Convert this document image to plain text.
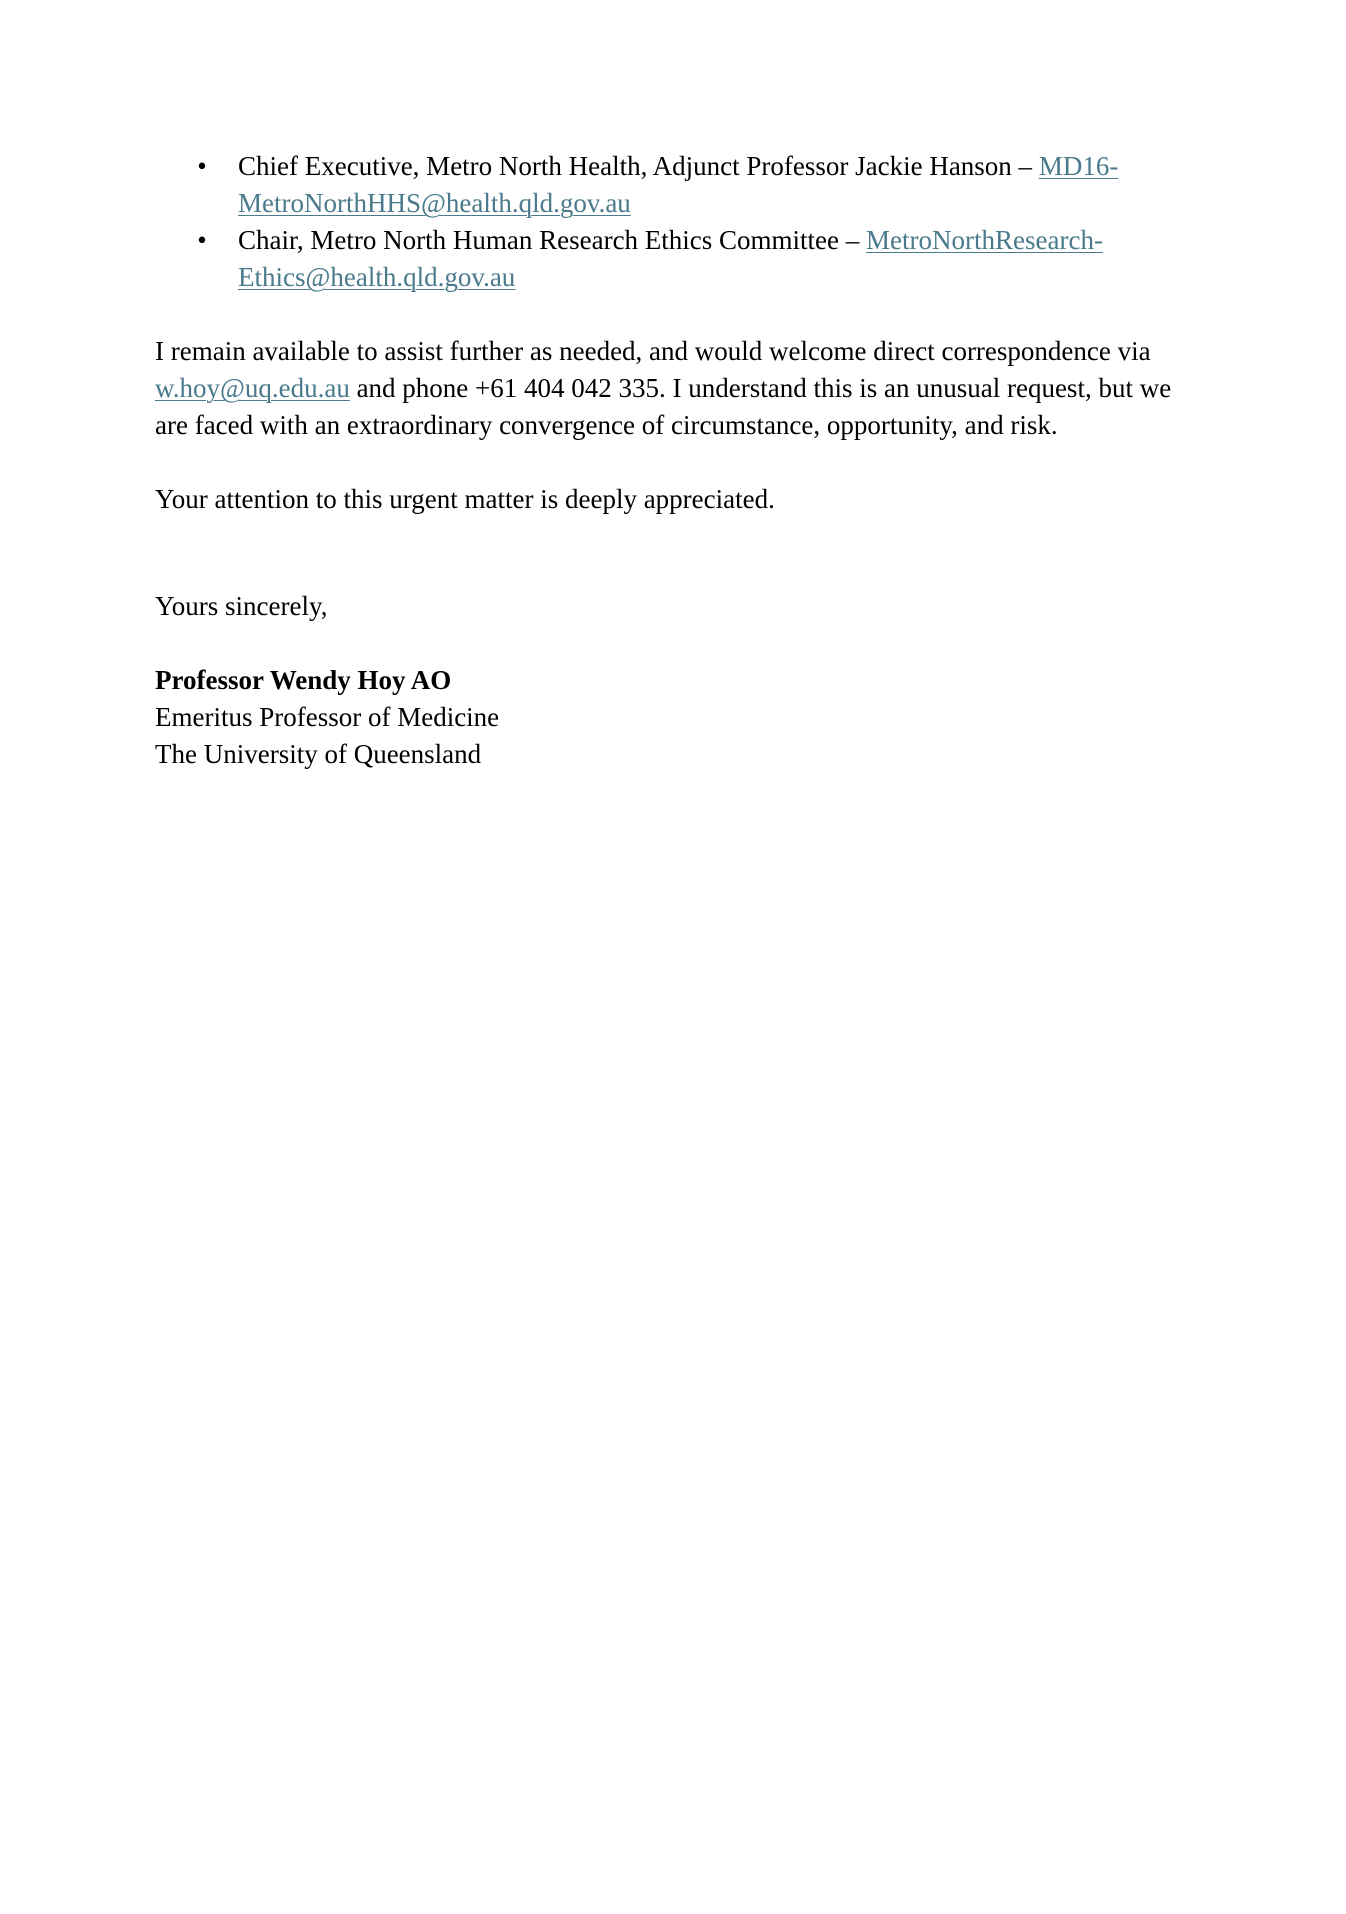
• Chief Executive, Metro North Health, Adjunct Professor Jackie Hanson – MD16-MetroNorthHHS@health.qld.gov.au
• Chair, Metro North Human Research Ethics Committee – MetroNorthResearch-Ethics@health.qld.gov.au

I remain available to assist further as needed, and would welcome direct correspondence via w.hoy@uq.edu.au and phone +61 404 042 335. I understand this is an unusual request, but we are faced with an extraordinary convergence of circumstance, opportunity, and risk.

Your attention to this urgent matter is deeply appreciated.

Yours sincerely,

Professor Wendy Hoy AO

Emeritus Professor of Medicine

The University of Queensland
